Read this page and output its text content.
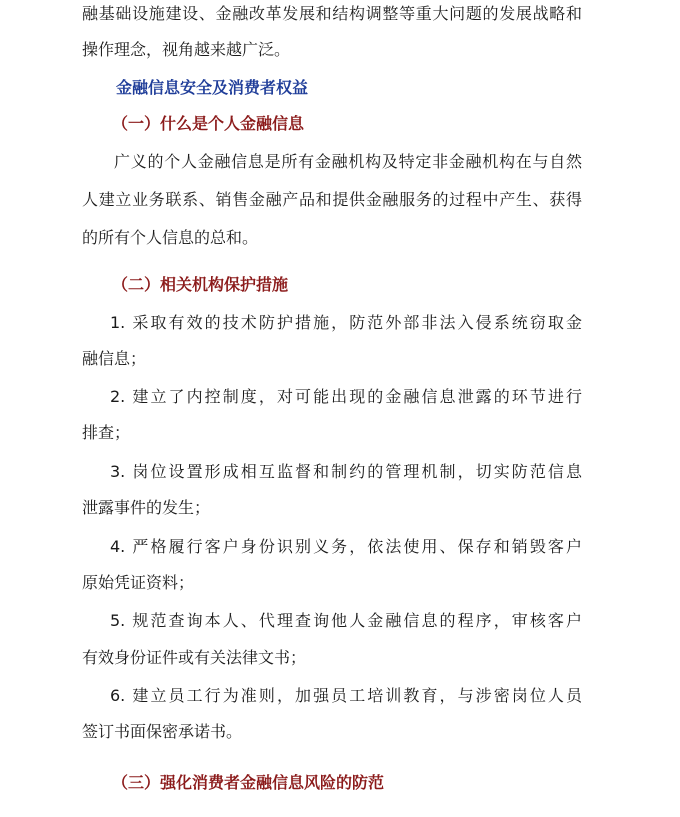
融基础设施建设、金融改革发展和结构调整等重大问题的发展战略和
操作理念，视角越来越广泛。
金融信息安全及消费者权益
（一）什么是个人金融信息
广义的个人金融信息是所有金融机构及特定非金融机构在与自然
人建立业务联系、销售金融产品和提供金融服务的过程中产生、获得
的所有个人信息的总和。
（二）相关机构保护措施
1. 采取有效的技术防护措施，防范外部非法入侵系统窃取金
融信息；
2. 建立了内控制度，对可能出现的金融信息泄露的环节进行
排查；
3. 岗位设置形成相互监督和制约的管理机制，切实防范信息
泄露事件的发生；
4. 严格履行客户身份识别义务，依法使用、保存和销毁客户
原始凭证资料；
5. 规范查询本人、代理查询他人金融信息的程序，审核客户
有效身份证件或有关法律文书；
6. 建立员工行为准则，加强员工培训教育，与涉密岗位人员
签订书面保密承诺书。
（三）强化消费者金融信息风险的防范
